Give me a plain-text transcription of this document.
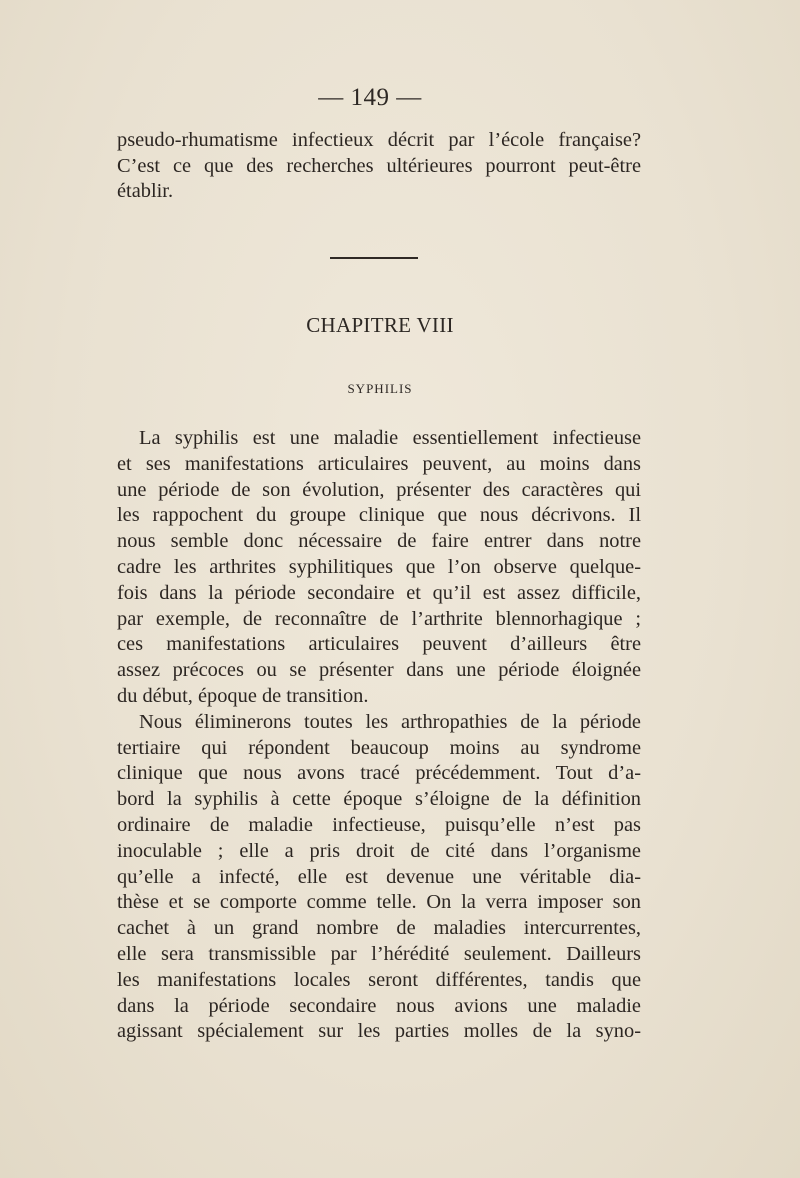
— 149 —
pseudo-rhumatisme infectieux décrit par l’école française?
C’est ce que des recherches ultérieures pourront peut-être
établir.
CHAPITRE VIII
SYPHILIS
La syphilis est une maladie essentiellement infectieuse
et ses manifestations articulaires peuvent, au moins dans
une période de son évolution, présenter des caractères qui
les rappochent du groupe clinique que nous décrivons. Il
nous semble donc nécessaire de faire entrer dans notre
cadre les arthrites syphilitiques que l’on observe quelque-
fois dans la période secondaire et qu’il est assez difficile,
par exemple, de reconnaître de l’arthrite blennorhagique ;
ces manifestations articulaires peuvent d’ailleurs être
assez précoces ou se présenter dans une période éloignée
du début, époque de transition.
Nous éliminerons toutes les arthropathies de la période
tertiaire qui répondent beaucoup moins au syndrome
clinique que nous avons tracé précédemment. Tout d’a-
bord la syphilis à cette époque s’éloigne de la définition
ordinaire de maladie infectieuse, puisqu’elle n’est pas
inoculable ; elle a pris droit de cité dans l’organisme
qu’elle a infecté, elle est devenue une véritable dia-
thèse et se comporte comme telle. On la verra imposer son
cachet à un grand nombre de maladies intercurrentes,
elle sera transmissible par l’hérédité seulement. Dailleurs
les manifestations locales seront différentes, tandis que
dans la période secondaire nous avions une maladie
agissant spécialement sur les parties molles de la syno-
